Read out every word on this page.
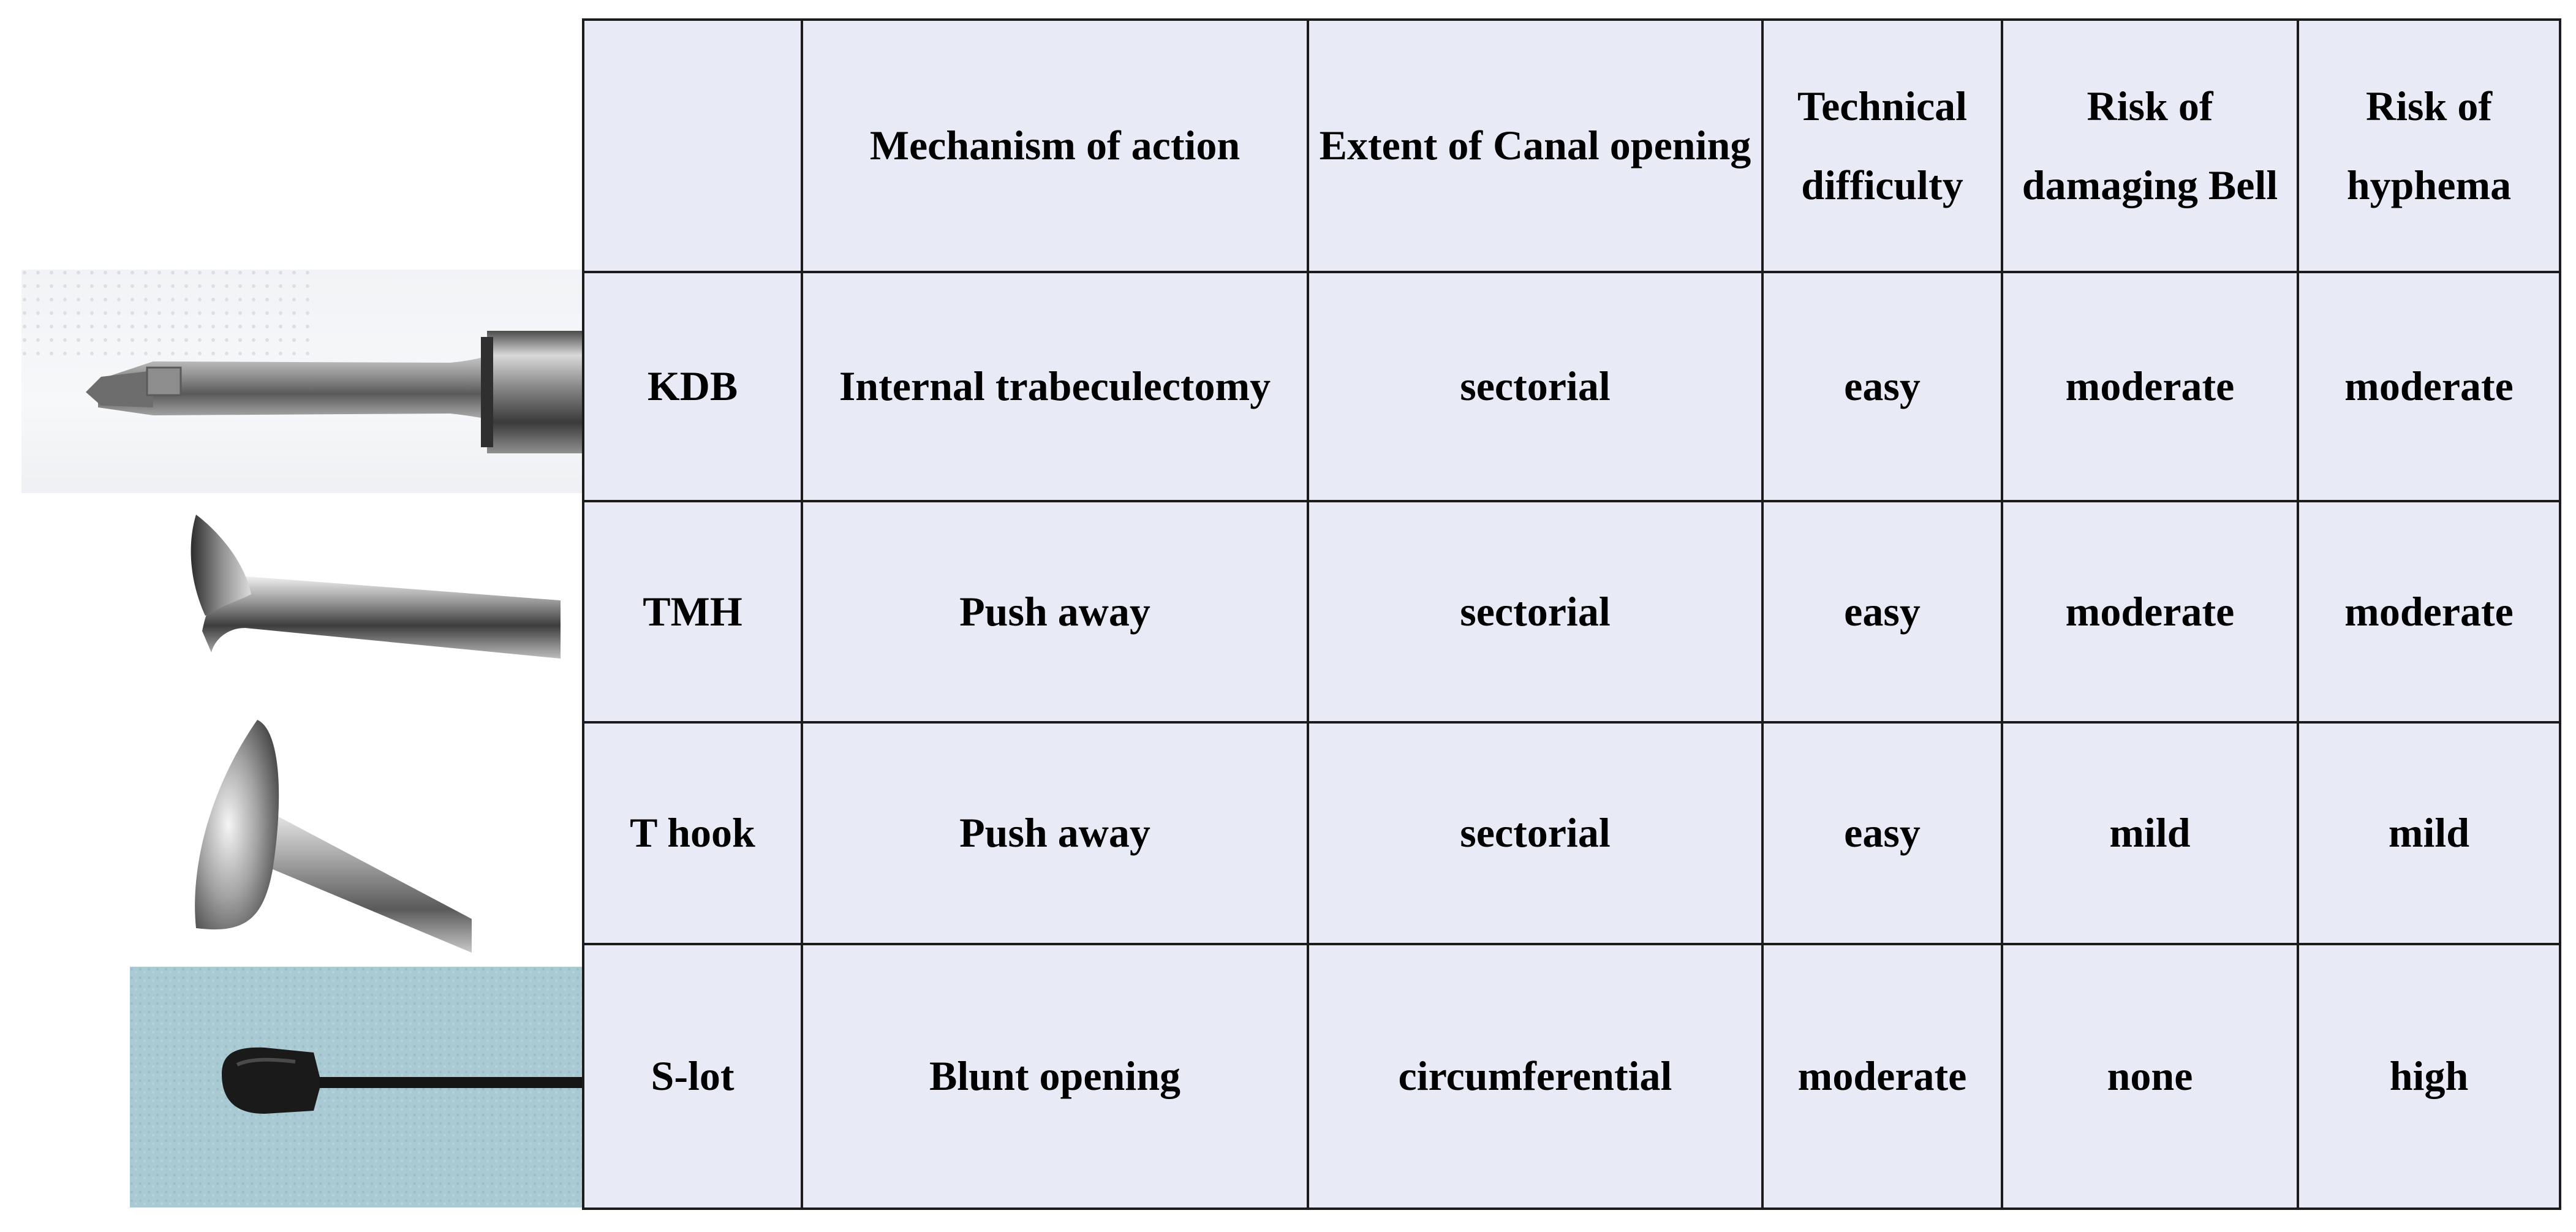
	Mechanism of action	Extent of Canal opening	Technical difficulty	Risk of damaging Bell	Risk of hyphema
KDB	Internal trabeculectomy	sectorial	easy	moderate	moderate
TMH	Push away	sectorial	easy	moderate	moderate
T hook	Push away	sectorial	easy	mild	mild
S-lot	Blunt opening	circumferential	moderate	none	high
